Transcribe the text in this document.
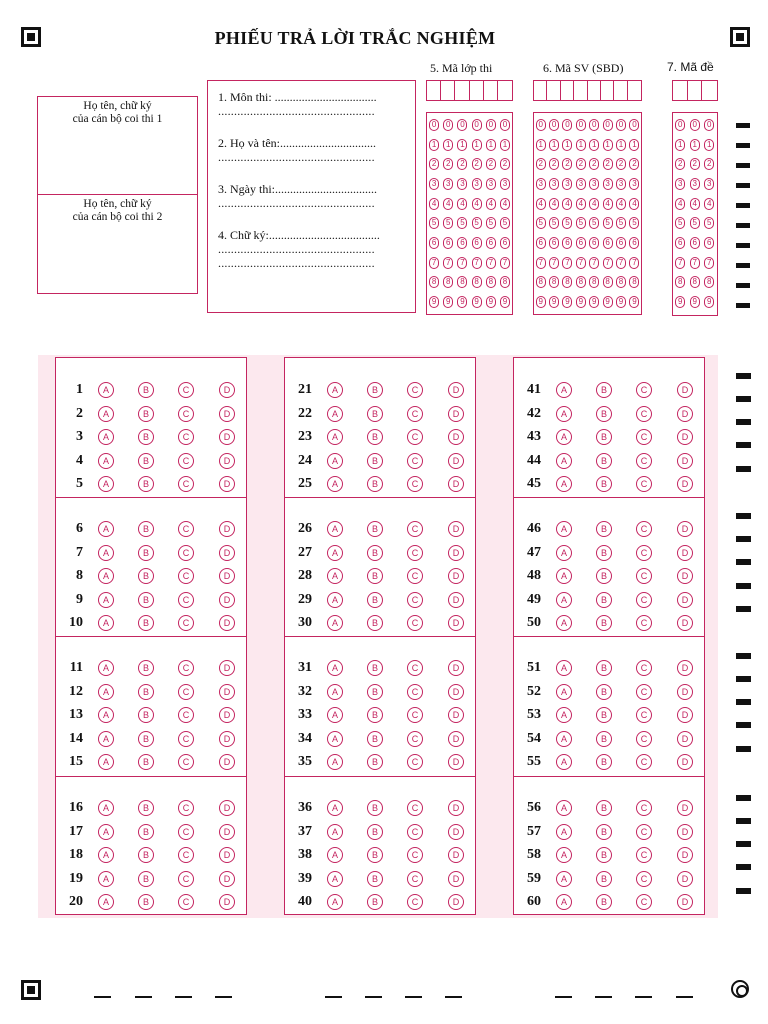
PHIẾU TRẢ LỜI TRẮC NGHIỆM
Họ tên, chữ ký
của cán bộ coi thi 1
Họ tên, chữ ký
của cán bộ coi thi 2
1. Môn thi: ..................................
.................................................
2. Họ và tên:................................
.................................................
3. Ngày thi:..................................
.................................................
4. Chữ ký:.....................................
.................................................
.................................................
5. Mã lớp thi	6. Mã SV (SBD)	7. Mã đề
0	0	0	0	0	0
1	1	1	1	1	1
2	2	2	2	2	2
3	3	3	3	3	3
4	4	4	4	4	4
5	5	5	5	5	5
6	6	6	6	6	6
7	7	7	7	7	7
8	8	8	8	8	8
9	9	9	9	9	9
0	0	0	0	0	0	0	0
1	1	1	1	1	1	1	1
2	2	2	2	2	2	2	2
3	3	3	3	3	3	3	3
4	4	4	4	4	4	4	4
5	5	5	5	5	5	5	5
6	6	6	6	6	6	6	6
7	7	7	7	7	7	7	7
8	8	8	8	8	8	8	8
9	9	9	9	9	9	9	9
0	0	0
1	1	1
2	2	2
3	3	3
4	4	4
5	5	5
6	6	6
7	7	7
8	8	8
9	9	9
1	A	B	C	D
2	A	B	C	D
3	A	B	C	D
4	A	B	C	D
5	A	B	C	D
6	A	B	C	D
7	A	B	C	D
8	A	B	C	D
9	A	B	C	D
10	A	B	C	D
11	A	B	C	D
12	A	B	C	D
13	A	B	C	D
14	A	B	C	D
15	A	B	C	D
16	A	B	C	D
17	A	B	C	D
18	A	B	C	D
19	A	B	C	D
20	A	B	C	D
21	A	B	C	D
22	A	B	C	D
23	A	B	C	D
24	A	B	C	D
25	A	B	C	D
26	A	B	C	D
27	A	B	C	D
28	A	B	C	D
29	A	B	C	D
30	A	B	C	D
31	A	B	C	D
32	A	B	C	D
33	A	B	C	D
34	A	B	C	D
35	A	B	C	D
36	A	B	C	D
37	A	B	C	D
38	A	B	C	D
39	A	B	C	D
40	A	B	C	D
41	A	B	C	D
42	A	B	C	D
43	A	B	C	D
44	A	B	C	D
45	A	B	C	D
46	A	B	C	D
47	A	B	C	D
48	A	B	C	D
49	A	B	C	D
50	A	B	C	D
51	A	B	C	D
52	A	B	C	D
53	A	B	C	D
54	A	B	C	D
55	A	B	C	D
56	A	B	C	D
57	A	B	C	D
58	A	B	C	D
59	A	B	C	D
60	A	B	C	D
